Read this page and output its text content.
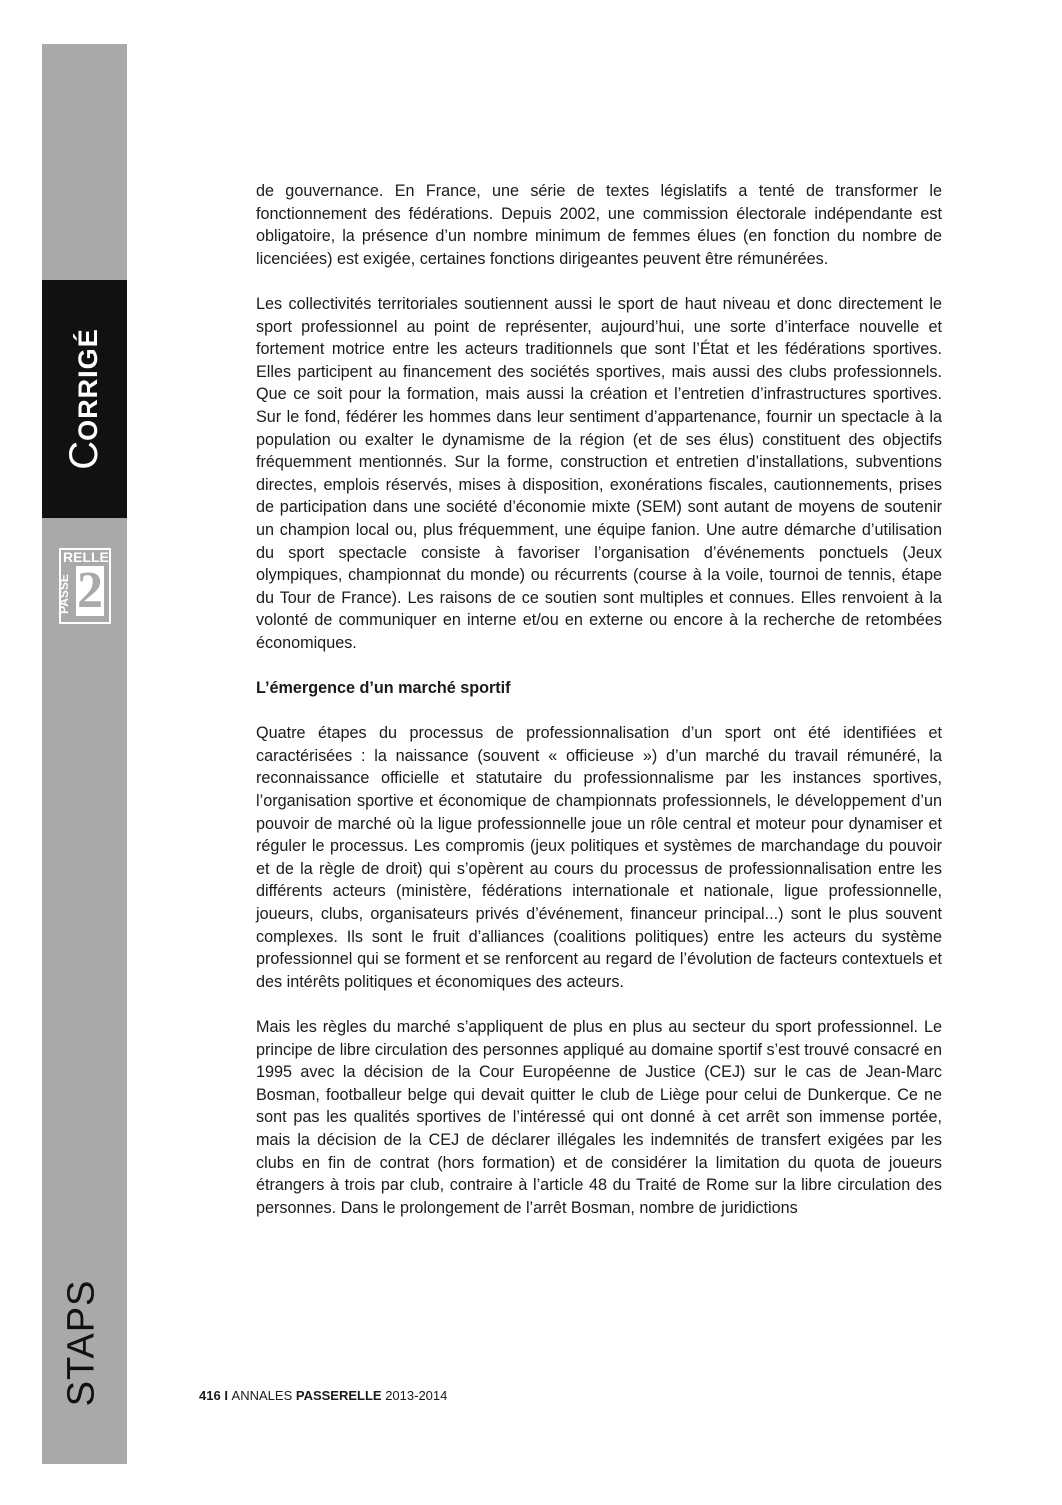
CORRIGÉ
RELLE
PASSE 2
STAPS

de gouvernance. En France, une série de textes législatifs a tenté de transformer le fonctionnement des fédérations. Depuis 2002, une commission électorale indépendante est obligatoire, la présence d’un nombre minimum de femmes élues (en fonction du nombre de licenciées) est exigée, certaines fonctions dirigeantes peuvent être rémunérées.

Les collectivités territoriales soutiennent aussi le sport de haut niveau et donc directement le sport professionnel au point de représenter, aujourd’hui, une sorte d’interface nouvelle et fortement motrice entre les acteurs traditionnels que sont l’État et les fédérations sportives. Elles participent au financement des sociétés sportives, mais aussi des clubs professionnels. Que ce soit pour la formation, mais aussi la création et l’entretien d’infrastructures sportives. Sur le fond, fédérer les hommes dans leur sentiment d’appartenance, fournir un spectacle à la population ou exalter le dynamisme de la région (et de ses élus) constituent des objectifs fréquemment mentionnés. Sur la forme, construction et entretien d’installations, subventions directes, emplois réservés, mises à disposition, exonérations fiscales, cautionnements, prises de participation dans une société d’économie mixte (SEM) sont autant de moyens de soutenir un champion local ou, plus fréquemment, une équipe fanion. Une autre démarche d’utilisation du sport spectacle consiste à favoriser l’organisation d’événements ponctuels (Jeux olympiques, championnat du monde) ou récurrents (course à la voile, tournoi de tennis, étape du Tour de France). Les raisons de ce soutien sont multiples et connues. Elles renvoient à la volonté de communiquer en interne et/ou en externe ou encore à la recherche de retombées économiques.

L’émergence d’un marché sportif

Quatre étapes du processus de professionnalisation d’un sport ont été identifiées et caractérisées : la naissance (souvent « officieuse ») d’un marché du travail rémunéré, la reconnaissance officielle et statutaire du professionnalisme par les instances sportives, l’organisation sportive et économique de championnats professionnels, le développement d’un pouvoir de marché où la ligue professionnelle joue un rôle central et moteur pour dynamiser et réguler le processus. Les compromis (jeux politiques et systèmes de marchandage du pouvoir et de la règle de droit) qui s’opèrent au cours du processus de professionnalisation entre les différents acteurs (ministère, fédérations internationale et nationale, ligue professionnelle, joueurs, clubs, organisateurs privés d’événement, financeur principal...) sont le plus souvent complexes. Ils sont le fruit d’alliances (coalitions politiques) entre les acteurs du système professionnel qui se forment et se renforcent au regard de l’évolution de facteurs contextuels et des intérêts politiques et économiques des acteurs.

Mais les règles du marché s’appliquent de plus en plus au secteur du sport professionnel. Le principe de libre circulation des personnes appliqué au domaine sportif s’est trouvé consacré en 1995 avec la décision de la Cour Européenne de Justice (CEJ) sur le cas de Jean-Marc Bosman, footballeur belge qui devait quitter le club de Liège pour celui de Dunkerque. Ce ne sont pas les qualités sportives de l’intéressé qui ont donné à cet arrêt son immense portée, mais la décision de la CEJ de déclarer illégales les indemnités de transfert exigées par les clubs en fin de contrat (hors formation) et de considérer la limitation du quota de joueurs étrangers à trois par club, contraire à l’article 48 du Traité de Rome sur la libre circulation des personnes. Dans le prolongement de l’arrêt Bosman, nombre de juridictions

416 I ANNALES PASSERELLE 2013-2014
